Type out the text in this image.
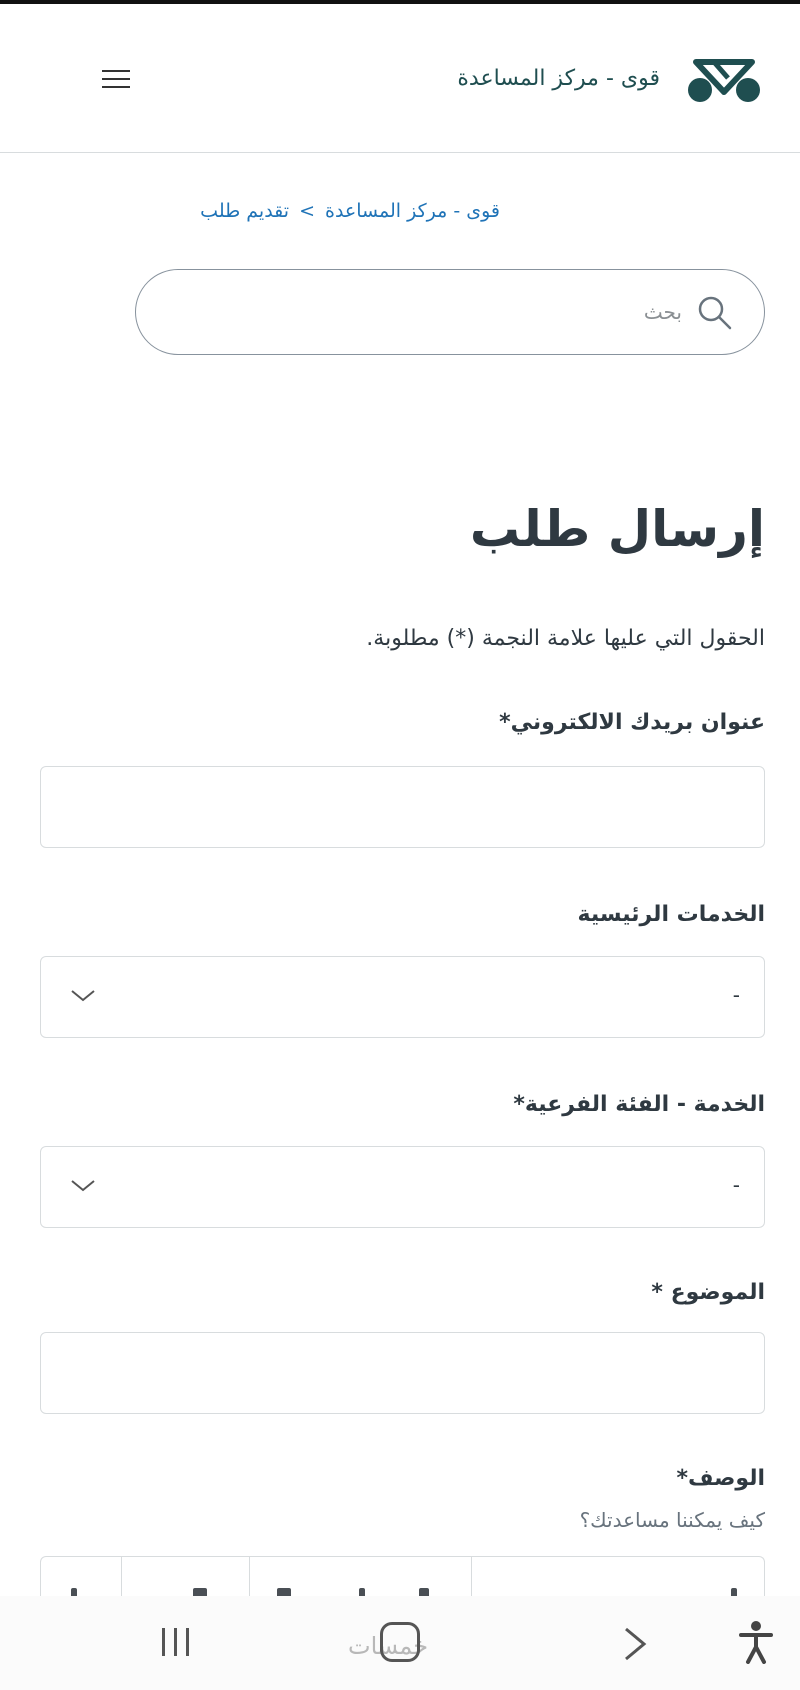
قوى - مركز المساعدة
قوى - مركز المساعدة
>
تقديم طلب
بحث
إرسال طلب

الحقول التي عليها علامة النجمة (*) مطلوبة.

عنوان بريدك الالكتروني*
الخدمات الرئيسية
-
الخدمة - الفئة الفرعية*
-
الموضوع *
الوصف*

كيف يمكننا مساعدتك؟

خمسات
